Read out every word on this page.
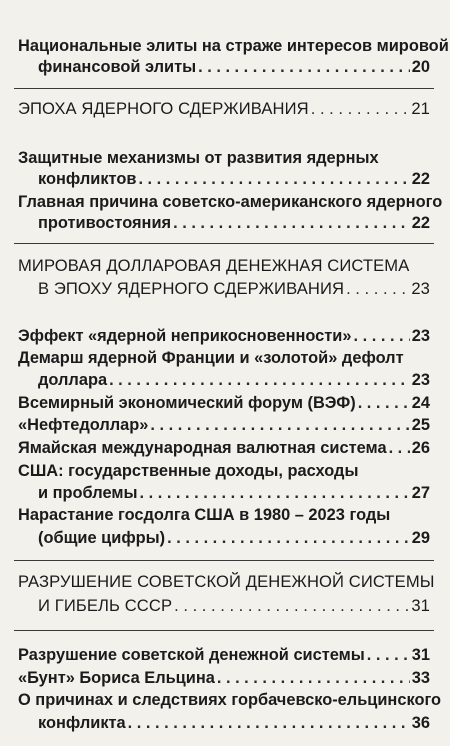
Национальные элиты на страже интересов мировой
финансовой элиты . . .	20
ЭПОХА ЯДЕРНОГО СДЕРЖИВАНИЯ . . .	21
Защитные механизмы от развития ядерных
конфликтов . . .	22
Главная причина советско-американского ядерного
противостояния . . .	22
МИРОВАЯ ДОЛЛАРОВАЯ ДЕНЕЖНАЯ СИСТЕМА
В ЭПОХУ ЯДЕРНОГО СДЕРЖИВАНИЯ . . .	23
Эффект «ядерной неприкосновенности» . . .	23
Демарш ядерной Франции и «золотой» дефолт
доллара . . .	23
Всемирный экономический форум (ВЭФ) . . .	24
«Нефтедоллар» . . .	25
Ямайская международная валютная система . . . 26
США: государственные доходы, расходы
и проблемы . . .	27
Нарастание госдолга США в 1980 – 2023 годы
(общие цифры) . . .	29
РАЗРУШЕНИЕ СОВЕТСКОЙ ДЕНЕЖНОЙ СИСТЕМЫ
И ГИБЕЛЬ СССР . . .	31
Разрушение советской денежной системы . . .	31
«Бунт» Бориса Ельцина . . .	33
О причинах и следствиях горбачевско-ельцинского
конфликта . . .	36
